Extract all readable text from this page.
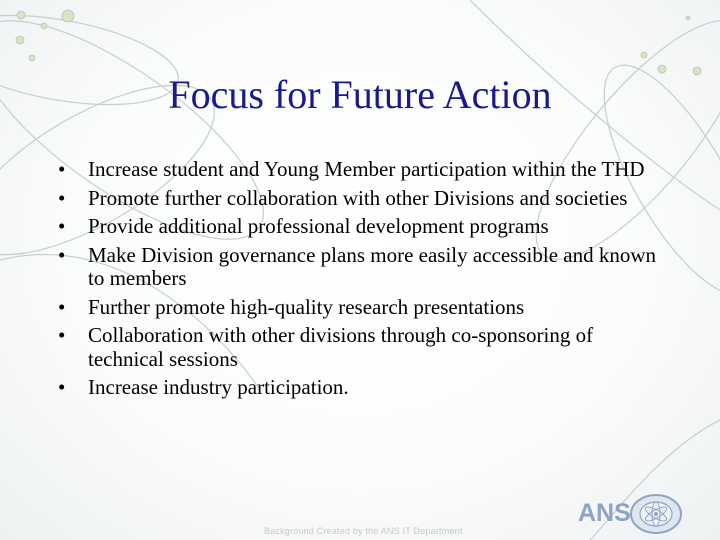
Focus for Future Action
• Increase student and Young Member participation within the THD
• Promote further collaboration with other Divisions and societies
• Provide additional professional development programs
• Make Division governance plans more easily accessible and known to members
• Further promote high-quality research presentations
• Collaboration with other divisions through co-sponsoring of technical sessions
• Increase industry participation.
Background Created by the ANS IT Department
ANS
